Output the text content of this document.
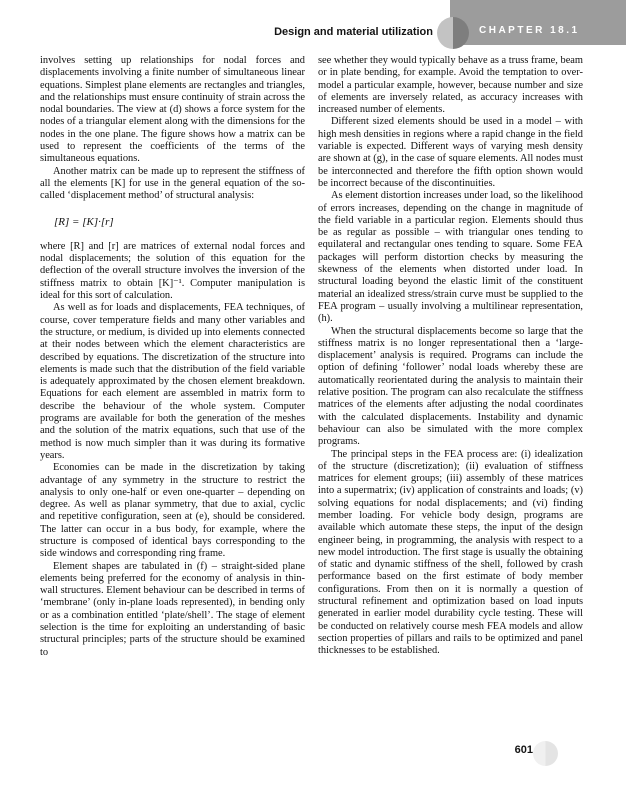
Design and material utilization	CHAPTER 18.1

involves setting up relationships for nodal forces and displacements involving a finite number of simultaneous linear equations. Simplest plane elements are rectangles and triangles, and the relationships must ensure continuity of strain across the nodal boundaries. The view at (d) shows a force system for the nodes of a triangular element along with the dimensions for the nodes in the one plane. The figure shows how a matrix can be used to represent the coefficients of the terms of the simultaneous equations.

Another matrix can be made up to represent the stiffness of all the elements [K] for use in the general equation of the so-called ‘displacement method’ of structural analysis:

[R] = [K]·[r]

where [R] and [r] are matrices of external nodal forces and nodal displacements; the solution of this equation for the deflection of the overall structure involves the inversion of the stiffness matrix to obtain [K]⁻¹. Computer manipulation is ideal for this sort of calculation.

As well as for loads and displacements, FEA techniques, of course, cover temperature fields and many other variables and the structure, or medium, is divided up into elements connected at their nodes between which the element characteristics are described by equations. The discretization of the structure into elements is made such that the distribution of the field variable is adequately approximated by the chosen element breakdown. Equations for each element are assembled in matrix form to describe the behaviour of the whole system. Computer programs are available for both the generation of the meshes and the solution of the matrix equations, such that use of the method is now much simpler than it was during its formative years.

Economies can be made in the discretization by taking advantage of any symmetry in the structure to restrict the analysis to only one-half or even one-quarter – depending on degree. As well as planar symmetry, that due to axial, cyclic and repetitive configuration, seen at (e), should be considered. The latter can occur in a bus body, for example, where the structure is composed of identical bays corresponding to the side windows and corresponding ring frame.

Element shapes are tabulated in (f) – straight-sided plane elements being preferred for the economy of analysis in thin-wall structures. Element behaviour can be described in terms of ‘membrane’ (only in-plane loads represented), in bending only or as a combination entitled ‘plate/shell’. The stage of element selection is the time for exploiting an understanding of basic structural principles; parts of the structure should be examined to

see whether they would typically behave as a truss frame, beam or in plate bending, for example. Avoid the temptation to over-model a particular example, however, because number and size of elements are inversely related, as accuracy increases with increased number of elements.

Different sized elements should be used in a model – with high mesh densities in regions where a rapid change in the field variable is expected. Different ways of varying mesh density are shown at (g), in the case of square elements. All nodes must be interconnected and therefore the fifth option shown would be incorrect because of the discontinuities.

As element distortion increases under load, so the likelihood of errors increases, depending on the change in magnitude of the field variable in a particular region. Elements should thus be as regular as possible – with triangular ones tending to equilateral and rectangular ones tending to square. Some FEA packages will perform distortion checks by measuring the skewness of the elements when distorted under load. In structural loading beyond the elastic limit of the constituent material an idealized stress/strain curve must be supplied to the FEA program – usually involving a multilinear representation, (h).

When the structural displacements become so large that the stiffness matrix is no longer representational then a ‘large-displacement’ analysis is required. Programs can include the option of defining ‘follower’ nodal loads whereby these are automatically reorientated during the analysis to maintain their relative position. The program can also recalculate the stiffness matrices of the elements after adjusting the nodal coordinates with the calculated displacements. Instability and dynamic behaviour can also be simulated with the more complex programs.

The principal steps in the FEA process are: (i) idealization of the structure (discretization); (ii) evaluation of stiffness matrices for element groups; (iii) assembly of these matrices into a supermatrix; (iv) application of constraints and loads; (v) solving equations for nodal displacements; and (vi) finding member loading. For vehicle body design, programs are available which automate these steps, the input of the design engineer being, in programming, the analysis with respect to a new model introduction. The first stage is usually the obtaining of static and dynamic stiffness of the shell, followed by crash performance based on the first estimate of body member configurations. From then on it is normally a question of structural refinement and optimization based on load inputs generated in earlier model durability cycle testing. These will be conducted on relatively course mesh FEA models and allow section properties of pillars and rails to be optimized and panel thicknesses to be established.

601
